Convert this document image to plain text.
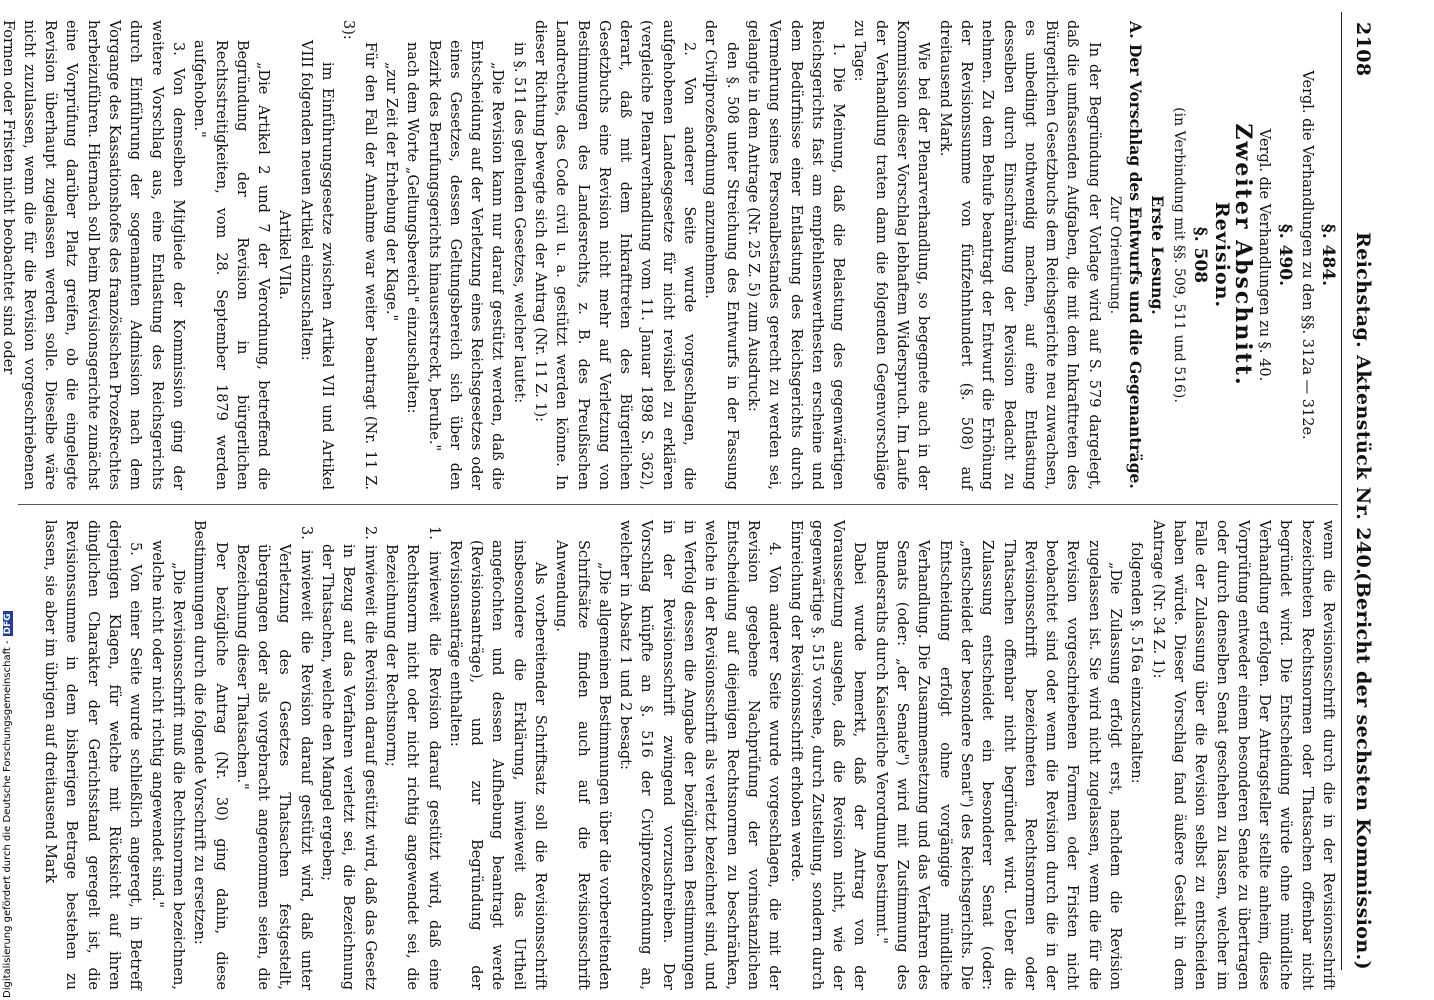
2108
Reichstag. Aktenstück Nr. 240.
(Bericht der sechsten Kommission.)

§. 484.

Vergl. die Verhandlungen zu den §§. 312a — 312e.

§. 490.

Vergl. die Verhandlungen zu §. 40.

Zweiter Abschnitt.

Revision.

§. 508

(in Verbindung mit §§. 509, 511 und 516).

Erste Lesung.

A. Der Vorschlag des Entwurfs und die Gegenanträge.

Zur Orientirung.

In der Begründung der Vorlage wird auf S. 579 dargelegt, daß die umfassenden Aufgaben, die mit dem Inkrafttreten des Bürgerlichen Gesetzbuchs dem Reichsgerichte neu zuwachsen, es unbedingt nothwendig machen, auf eine Entlastung desselben durch Einschränkung der Revision Bedacht zu nehmen. Zu dem Behufe beantragt der Entwurf die Erhöhung der Revisionssumme von fünfzehnhundert (§. 508) auf dreitausend Mark.

Wie bei der Plenarverhandlung, so begegnete auch in der Kommission dieser Vorschlag lebhaftem Widerspruch. Im Laufe der Verhandlung traten dann die folgenden Gegenvorschläge zu Tage:

1. Die Meinung, daß die Belastung des gegenwärtigen Reichsgerichts fast am empfehlenswerthesten erscheine und dem Bedürfnisse einer Entlastung des Reichsgerichts durch Vermehrung seines Personalbestandes gerecht zu werden sei, gelangte in dem Antrage (Nr. 25 Z. 5) zum Ausdruck:

den §. 508 unter Streichung des Entwurfs in der Fassung der Civilprozeßordnung anzunehmen.

2. Von anderer Seite wurde vorgeschlagen, die aufgehobenen Landesgesetze für nicht revisibel zu erklären (vergleiche Plenarverhandlung vom 11. Januar 1898 S. 362), derart, daß mit dem Inkrafttreten des Bürgerlichen Gesetzbuchs eine Revision nicht mehr auf Verletzung von Bestimmungen des Landesrechts, z. B. des Preußischen Landrechtes, des Code civil u. a. gestützt werden könne. In dieser Richtung bewegte sich der Antrag (Nr. 11 Z. 1):

in §. 511 des geltenden Gesetzes, welcher lautet:

„Die Revision kann nur darauf gestützt werden, daß die Entscheidung auf der Verletzung eines Reichsgesetzes oder eines Gesetzes, dessen Geltungsbereich sich über den Bezirk des Berufungsgerichts hinauserstreckt, beruhe."

nach dem Worte „Geltungsbereich" einzuschalten:

„zur Zeit der Erhebung der Klage."

Für den Fall der Annahme war weiter beantragt (Nr. 11 Z. 3):

im Einführungsgesetze zwischen Artikel VII und Artikel VIII folgenden neuen Artikel einzuschalten:

Artikel VIIa.

„Die Artikel 2 und 7 der Verordnung, betreffend die Begründung der Revision in bürgerlichen Rechtsstreitigkeiten, vom 28. September 1879 werden aufgehoben."

3. Von demselben Mitgliede der Kommission ging der weitere Vorschlag aus, eine Entlastung des Reichsgerichts durch Einführung der sogenannten Admission nach dem Vorgange des Kassationshofes des französischen Prozeßrechtes herbeizuführen. Hiernach soll beim Revisionsgerichte zunächst eine Vorprüfung darüber Platz greifen, ob die eingelegte Revision überhaupt zugelassen werden solle. Dieselbe wäre nicht zuzulassen, wenn die für die Revision vorgeschriebenen Formen oder Fristen nicht beobachtet sind oder

wenn die Revisionsschrift durch die in der Revisionsschrift bezeichneten Rechtsnormen oder Thatsachen offenbar nicht begründet wird. Die Entscheidung würde ohne mündliche Verhandlung erfolgen. Der Antragsteller stellte anheim, diese Vorprüfung entweder einem besonderen Senate zu übertragen oder durch denselben Senat geschehen zu lassen, welcher im Falle der Zulassung über die Revision selbst zu entscheiden haben würde. Dieser Vorschlag fand äußere Gestalt in dem Antrage (Nr. 34 Z. 1):

folgenden §. 516a einzuschalten:

„Die Zulassung erfolgt erst, nachdem die Revision zugelassen ist. Sie wird nicht zugelassen, wenn die für die Revision vorgeschriebenen Formen oder Fristen nicht beobachtet sind oder wenn die Revision durch die in der Revisionsschrift bezeichneten Rechtsnormen oder Thatsachen offenbar nicht begründet wird. Ueber die Zulassung entscheidet ein besonderer Senat (oder: „entscheidet der besondere Senat") des Reichsgerichts. Die Entscheidung erfolgt ohne vorgängige mündliche Verhandlung. Die Zusammensetzung und das Verfahren des Senats (oder: „der Senate") wird mit Zustimmung des Bundesraths durch Kaiserliche Verordnung bestimmt."

Dabei wurde bemerkt, daß der Antrag von der Voraussetzung ausgehe, daß die Revision nicht, wie der gegenwärtige §. 515 vorsehe, durch Zustellung, sondern durch Einreichung der Revisionsschrift erhoben werde.

4. Von anderer Seite wurde vorgeschlagen, die mit der Revision gegebene Nachprüfung der vorinstanzlichen Entscheidung auf diejenigen Rechtsnormen zu beschränken, welche in der Revisionsschrift als verletzt bezeichnet sind, und in Verfolg dessen die Angabe der bezüglichen Bestimmungen in der Revisionsschrift zwingend vorzuschreiben. Der Vorschlag knüpfte an §. 516 der Civilprozeßordnung an, welcher in Absatz 1 und 2 besagt:

„Die allgemeinen Bestimmungen über die vorbereitenden Schriftsätze finden auch auf die Revisionsschrift Anwendung.

Als vorbereitender Schriftsatz soll die Revisionsschrift insbesondere die Erklärung, inwieweit das Urtheil angefochten und dessen Aufhebung beantragt werde (Revisionsanträge), und zur Begründung der Revisionsanträge enthalten:

1. inwieweit die Revision darauf gestützt wird, daß eine Rechtsnorm nicht oder nicht richtig angewendet sei, die Bezeichnung der Rechtsnorm;

2. inwieweit die Revision darauf gestützt wird, daß das Gesetz in Bezug auf das Verfahren verletzt sei, die Bezeichnung der Thatsachen, welche den Mangel ergeben;

3. inwieweit die Revision darauf gestützt wird, daß unter Verletzung des Gesetzes Thatsachen festgestellt, übergangen oder als vorgebracht angenommen seien, die Bezeichnung dieser Thatsachen."

Der bezügliche Antrag (Nr. 30) ging dahin, diese Bestimmungen durch die folgende Vorschrift zu ersetzen:

„Die Revisionsschrift muß die Rechtsnormen bezeichnen, welche nicht oder nicht richtig angewendet sind."

5. Von einer Seite wurde schließlich angeregt, in Betreff derjenigen Klagen, für welche mit Rücksicht auf ihren dinglichen Charakter der Gerichtsstand geregelt ist, die Revisionssumme in dem bisherigen Betrage bestehen zu lassen, sie aber im übrigen auf dreitausend Mark

Digitalisierung gefördert durch die Deutsche Forschungsgemeinschaft -DFG
